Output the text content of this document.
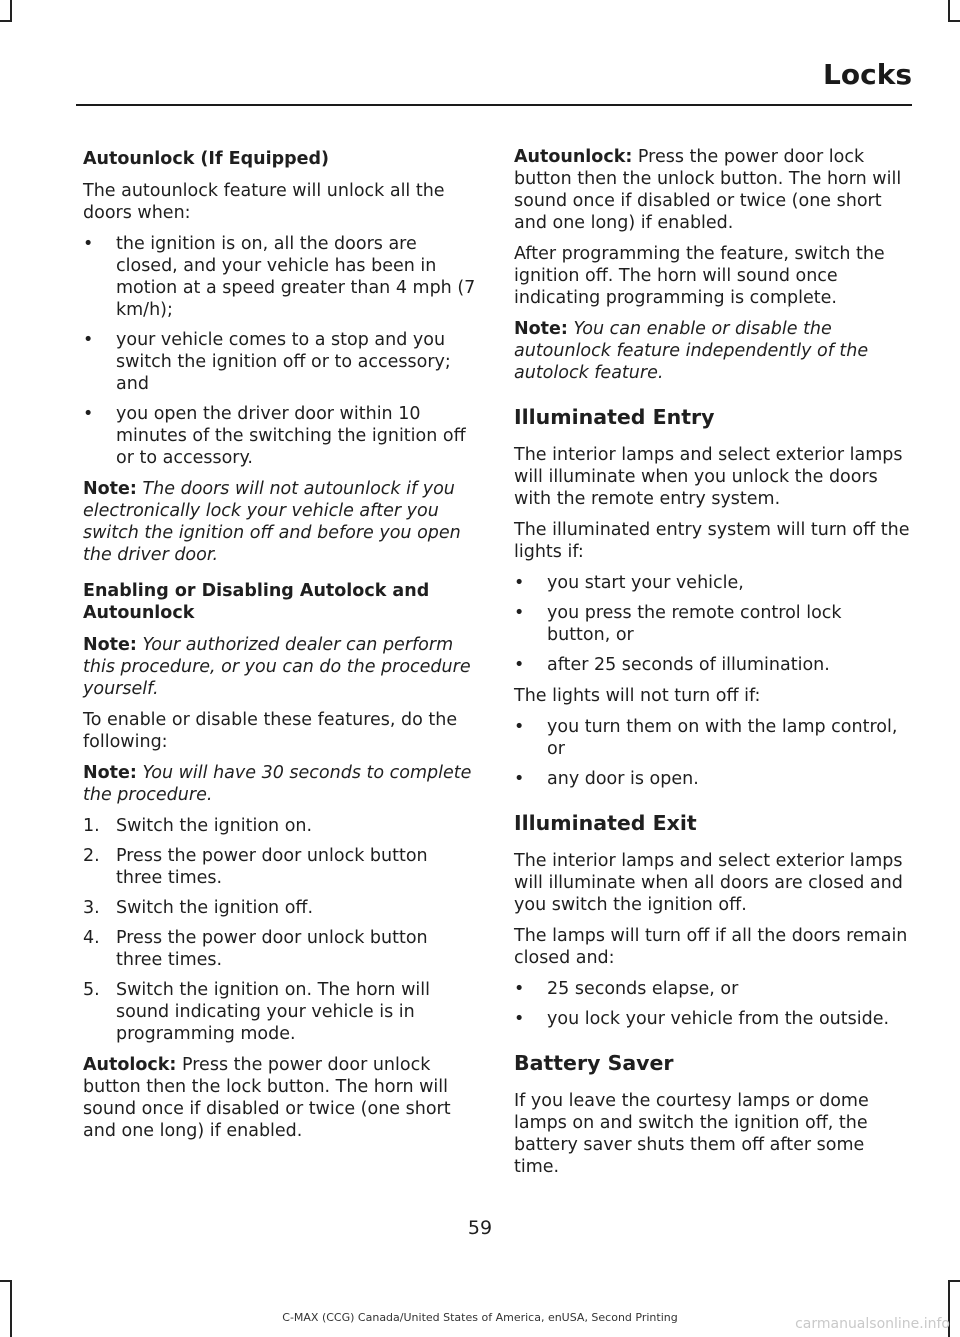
Locks
Autounlock (If Equipped)

The autounlock feature will unlock all the doors when:

• the ignition is on, all the doors are closed, and your vehicle has been in motion at a speed greater than 4 mph (7 km/h);
• your vehicle comes to a stop and you switch the ignition off or to accessory; and
• you open the driver door within 10 minutes of the switching the ignition off or to accessory.

Note: The doors will not autounlock if you electronically lock your vehicle after you switch the ignition off and before you open the driver door.

Enabling or Disabling Autolock and Autounlock

Note: Your authorized dealer can perform this procedure, or you can do the procedure yourself.

To enable or disable these features, do the following:

Note: You will have 30 seconds to complete the procedure.

1. Switch the ignition on.
2. Press the power door unlock button three times.
3. Switch the ignition off.
4. Press the power door unlock button three times.
5. Switch the ignition on. The horn will sound indicating your vehicle is in programming mode.

Autolock: Press the power door unlock button then the lock button. The horn will sound once if disabled or twice (one short and one long) if enabled.

Autounlock: Press the power door lock button then the unlock button. The horn will sound once if disabled or twice (one short and one long) if enabled.

After programming the feature, switch the ignition off. The horn will sound once indicating programming is complete.

Note: You can enable or disable the autounlock feature independently of the autolock feature.

Illuminated Entry

The interior lamps and select exterior lamps will illuminate when you unlock the doors with the remote entry system.

The illuminated entry system will turn off the lights if:

• you start your vehicle,
• you press the remote control lock button, or
• after 25 seconds of illumination.

The lights will not turn off if:

• you turn them on with the lamp control, or
• any door is open.
Illuminated Exit

The interior lamps and select exterior lamps will illuminate when all doors are closed and you switch the ignition off.

The lamps will turn off if all the doors remain closed and:

• 25 seconds elapse, or
• you lock your vehicle from the outside.
Battery Saver

If you leave the courtesy lamps or dome lamps on and switch the ignition off, the battery saver shuts them off after some time.

59
C-MAX (CCG) Canada/United States of America, enUSA, Second Printing	carmanualsonline.info
